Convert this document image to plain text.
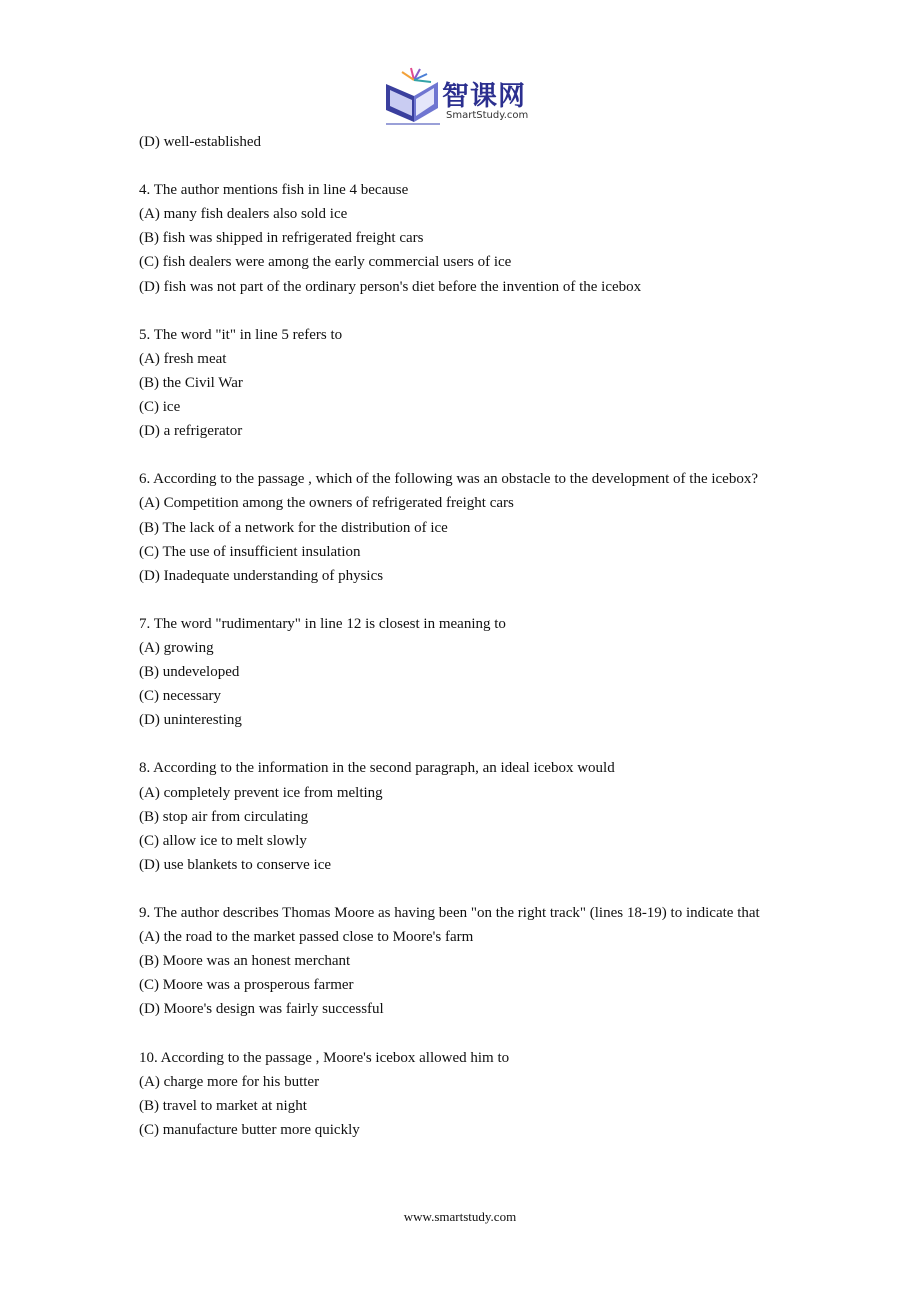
智课网
SmartStudy.com

(D) well-established

4. The author mentions fish in line 4 because

(A) many fish dealers also sold ice

(B) fish was shipped in refrigerated freight cars

(C) fish dealers were among the early commercial users of ice

(D) fish was not part of the ordinary person's diet before the invention of the icebox

5. The word "it" in line 5 refers to

(A) fresh meat

(B) the Civil War

(C) ice

(D) a refrigerator

6. According to the passage , which of the following was an obstacle to the development of the icebox?

(A) Competition among the owners of refrigerated freight cars

(B) The lack of a network for the distribution of ice

(C) The use of insufficient insulation

(D) Inadequate understanding of physics

7. The word "rudimentary" in line 12 is closest in meaning to

(A) growing

(B) undeveloped

(C) necessary

(D) uninteresting

8. According to the information in the second paragraph, an ideal icebox would

(A) completely prevent ice from melting

(B) stop air from circulating

(C) allow ice to melt slowly

(D) use blankets to conserve ice

9. The author describes Thomas Moore as having been "on the right track" (lines 18-19) to indicate that

(A) the road to the market passed close to Moore's farm

(B) Moore was an honest merchant

(C) Moore was a prosperous farmer

(D) Moore's design was fairly successful

10. According to the passage , Moore's icebox allowed him to

(A) charge more for his butter

(B) travel to market at night

(C) manufacture butter more quickly

www.smartstudy.com
